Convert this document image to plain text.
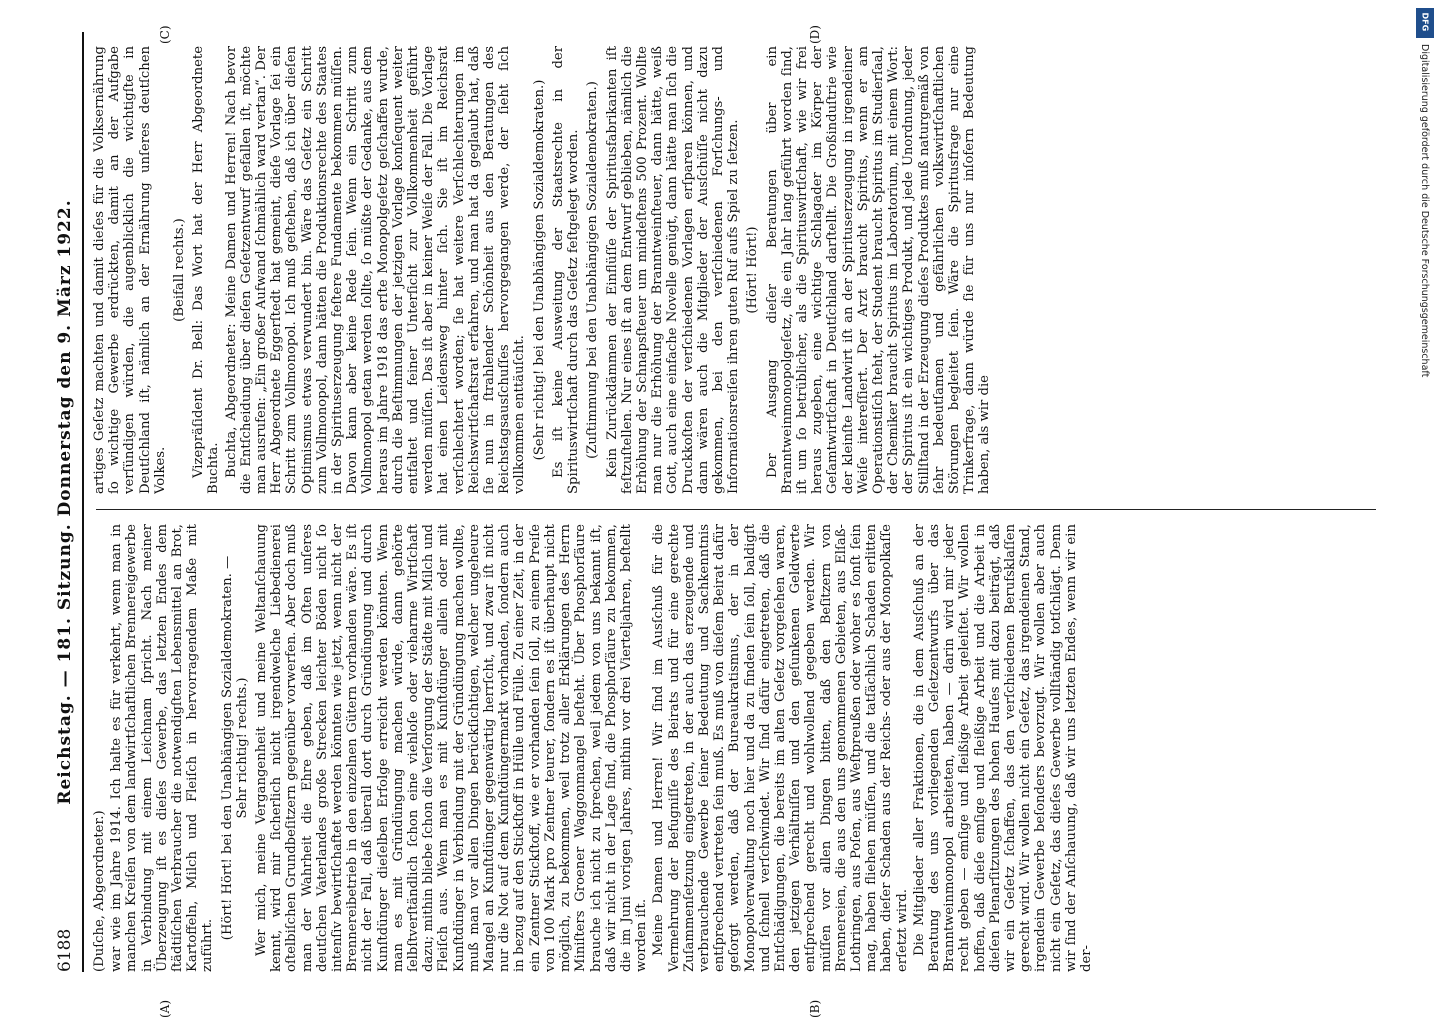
6188
Reichstag. — 181. Sitzung. Donnerstag den 9. März 1922.
(A)	(B)
(C)	(D)

(Duſche, Abgeordneter.) war wie im Jahre 1914. Ich halte es für verkehrt, wenn man in manchen Kreiſen von dem landwirtſchaftlichen Brennereigewerbe in Verbindung mit einem Leichnam ſpricht. Nach meiner Überzeugung iſt es dieſes Gewerbe, das letzten Endes dem ſtädtiſchen Verbraucher die notwendigſten Lebensmittel an Brot, Kartoffeln, Milch und Fleiſch in hervorragendem Maße mit zuführt.

(Hört! Hört! bei den Unabhängigen Sozialdemokraten. — Sehr richtig! rechts.) Wer mich, meine Vergangenheit und meine Weltanſchauung kennt, wird mir ſicherlich nicht irgendwelche Liebedienerei oſtelbiſchen Grundbeſitzern gegenüber vorwerfen. Aber doch muß man der Wahrheit die Ehre geben, daß im Oſten unſeres deutſchen Vaterlandes große Strecken leichter Böden nicht ſo intenſiv bewirtſchaftet werden könnten wie jetzt, wenn nicht der Brennereibetrieb in den einzelnen Gütern vorhanden wäre. Es iſt nicht der Fall, daß überall dort durch Gründüngung und durch Kunſtdünger dieſelben Erfolge erreicht werden könnten. Wenn man es mit Gründüngung machen würde, dann gehörte ſelbſtverſtändlich ſchon eine viehloſe oder vieharme Wirtſchaft dazu; mithin bliebe ſchon die Verſorgung der Städte mit Milch und Fleiſch aus. Wenn man es mit Kunſtdünger allein oder mit Kunſtdünger in Verbindung mit der Gründüngung machen wollte, muß man vor allen Dingen berückſichtigen, welcher ungeheure Mangel an Kunſtdünger gegenwärtig herrſcht, und zwar iſt nicht nur die Not auf dem Kunſtdüngermarkt vorhanden, ſondern auch in bezug auf den Stickſtoff in Hülle und Fülle. Zu einer Zeit, in der ein Zentner Stickſtoff, wie er vorhanden ſein ſoll, zu einem Preiſe von 100 Mark pro Zentner teurer, ſondern es iſt überhaupt nicht möglich, zu bekommen, weil trotz aller Erklärungen des Herrn Miniſters Groener Waggonmangel beſteht. Über Phosphorſäure brauche ich nicht zu ſprechen, weil jedem von uns bekannt iſt, daß wir nicht in der Lage ſind, die Phosphorſäure zu bekommen, die im Juni vorigen Jahres, mithin vor drei Vierteljahren, beſtellt worden iſt. Meine Damen und Herren! Wir ſind im Ausſchuß für die Vermehrung der Befugniſſe des Beirats und für eine gerechte Zuſammenſetzung eingetreten, in der auch das erzeugende und verbrauchende Gewerbe ſeiner Bedeutung und Sachkenntnis entſprechend vertreten ſein muß. Es muß von dieſem Beirat dafür geſorgt werden, daß der Bureaukratismus, der in der Monopolverwaltung noch hier und da zu finden ſein ſoll, baldigſt und ſchnell verſchwindet. Wir ſind dafür eingetreten, daß die Entſchädigungen, die bereits im alten Geſetz vorgeſehen waren, den jetzigen Verhältniſſen und den geſunkenen Geldwerte entſprechend gerecht und wohlwollend gegeben werden. Wir müſſen vor allen Dingen bitten, daß den Beſitzern von Brennereien, die aus den uns genommenen Gebieten, aus Elſaß-Lothringen, aus Poſen, aus Weſtpreußen oder woher es ſonſt ſein mag, haben fliehen müſſen, und die tatſächlich Schaden erlitten haben, dieſer Schaden aus der Reichs- oder aus der Monopolkaſſe erſetzt wird. Die Mitglieder aller Fraktionen, die in dem Ausſchuß an der Beratung des uns vorliegenden Geſetzentwurfs über das Branntweinmonopol arbeiteten, haben — darin wird mir jeder recht geben — emſige und fleißige Arbeit geleiſtet. Wir wollen hoffen, daß dieſe emſige und fleißige Arbeit und die Arbeit in dieſen Plenarſitzungen des hohen Hauſes mit dazu beiträgt, daß wir ein Geſetz ſchaffen, das den verſchiedenen Berufsklaſſen gerecht wird. Wir wollen nicht ein Geſetz, das irgendeinen Stand, irgendein Gewerbe beſonders bevorzugt. Wir wollen aber auch nicht ein Geſetz, das dieſes Gewerbe vollſtändig totſchlägt. Denn wir ſind der Anſchauung, daß wir uns letzten Endes, wenn wir ein der-

artiges Geſetz machten und damit dieſes für die Volksernährung ſo wichtige Gewerbe erdrückten, damit an der Aufgabe verſündigen würden, die augenblicklich die wichtigſte in Deutſchland iſt, nämlich an der Ernährung unſeres deutſchen Volkes.

(Beifall rechts.) Vizepräſident Dr. Bell: Das Wort hat der Herr Abgeordnete Buchta. Buchta, Abgeordneter: Meine Damen und Herren! Nach bevor die Entſcheidung über dieſen Geſetzentwurf gefallen iſt, möchte man ausrufen: „Ein großer Aufwand ſchmählich ward vertan“. Der Herr Abgeordnete Eggerſtedt hat gemeint, dieſe Vorlage ſei ein Schritt zum Vollmonopol. Ich muß geſtehen, daß ich über dieſen Optimismus etwas verwundert bin. Wäre das Geſetz ein Schritt zum Vollmonopol, dann hätten die Produktionsrechte des Staates in der Spirituserzeugung feſtere Fundamente bekommen müſſen. Davon kann aber keine Rede ſein. Wenn ein Schritt zum Vollmonopol getan werden ſollte, ſo müßte der Gedanke, aus dem heraus im Jahre 1918 das erſte Monopolgeſetz geſchaffen wurde, durch die Beſtimmungen der jetzigen Vorlage konſequent weiter entfaltet und feiner Unterſicht zur Vollkommenheit geführt werden müſſen. Das iſt aber in keiner Weiſe der Fall. Die Vorlage hat einen Leidensweg hinter ſich. Sie iſt im Reichsrat verſchlechtert worden; ſie hat weitere Verſchlechterungen im Reichswirtſchaftsrat erfahren, und man hat da geglaubt hat, daß ſie nun in ſtrahlender Schönheit aus den Beratungen des Reichstagsausſchuſſes hervorgegangen werde, der ſieht ſich vollkommen enttäuſcht. (Sehr richtig! bei den Unabhängigen Sozialdemokraten.) Es iſt keine Ausweitung der Staatsrechte in der Spirituswirtſchaft durch das Geſetz feſtgelegt worden. (Zuſtimmung bei den Unabhängigen Sozialdemokraten.) Kein Zurückdämmen der Einflüſſe der Spiritusfabrikanten iſt feſtzuſtellen. Nur eines iſt an dem Entwurf geblieben, nämlich die Erhöhung der Schnapsſteuer um mindeſtens 500 Prozent. Wollte man nur die Erhöhung der Branntweinſteuer, dann hätte, weiß Gott, auch eine einfache Novelle genügt, dann hätte man ſich die Druckkoſten der verſchiedenen Vorlagen erſparen können, und dann wären auch die Mitglieder der Ausſchüſſe nicht dazu gekommen, bei den verſchiedenen Forſchungs- und Informationsreiſen ihren guten Ruf aufs Spiel zu ſetzen. (Hört! Hört!) Der Ausgang dieſer Beratungen über ein Branntweinmonopolgeſetz, die ein Jahr lang geführt worden ſind, iſt um ſo betrüblicher, als die Spirituswirtſchaft, wie wir frei heraus zugeben, eine wichtige Schlagader im Körper der Geſamtwirtſchaft in Deutſchland darſtellt. Die Großinduſtrie wie der kleinſte Landwirt iſt an der Spirituserzeugung in irgendeiner Weiſe intereſſiert. Der Arzt braucht Spiritus, wenn er am Operationstiſch ſteht, der Student braucht Spiritus im Studierſaal, der Chemiker braucht Spiritus im Laboratorium, mit einem Wort: der Spiritus iſt ein wichtiges Produkt, und jede Unordnung, jeder Stillſtand in der Erzeugung dieſes Produktes muß naturgemäß von ſehr bedeutſamen und gefährlichen volkswirtſchaftlichen Störungen begleitet ſein. Wäre die Spiritusfrage nur eine Trinkerfrage, dann würde ſie für uns nur inſofern Bedeutung haben, als wir die

DFG
Digitalisierung gefördert durch die Deutsche Forschungsgemeinschaft
